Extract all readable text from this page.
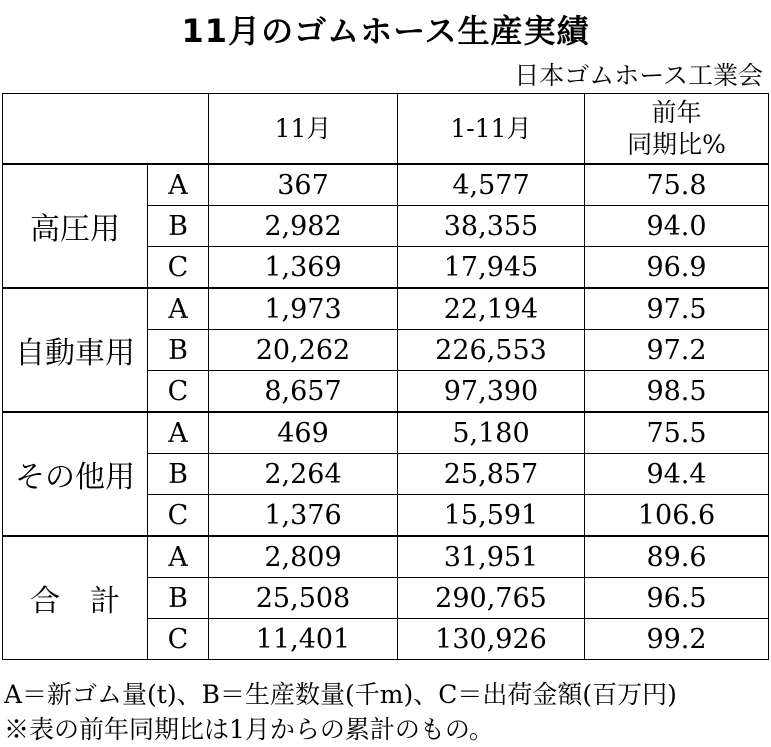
11月のゴムホース生産実績
日本ゴムホース工業会
		11月	1-11月	前年
同期比%

高圧用	A	367	4,577	75.8
	B	2,982	38,355	94.0
	C	1,369	17,945	96.9
自動車用	A	1,973	22,194	97.5
	B	20,262	226,553	97.2
	C	8,657	97,390	98.5
その他用	A	469	5,180	75.5
	B	2,264	25,857	94.4
	C	1,376	15,591	106.6
合　計	A	2,809	31,951	89.6
	B	25,508	290,765	96.5
	C	11,401	130,926	99.2
A＝新ゴム量(t)、B＝生産数量(千m)、C＝出荷金額(百万円)
※表の前年同期比は1月からの累計のもの。
